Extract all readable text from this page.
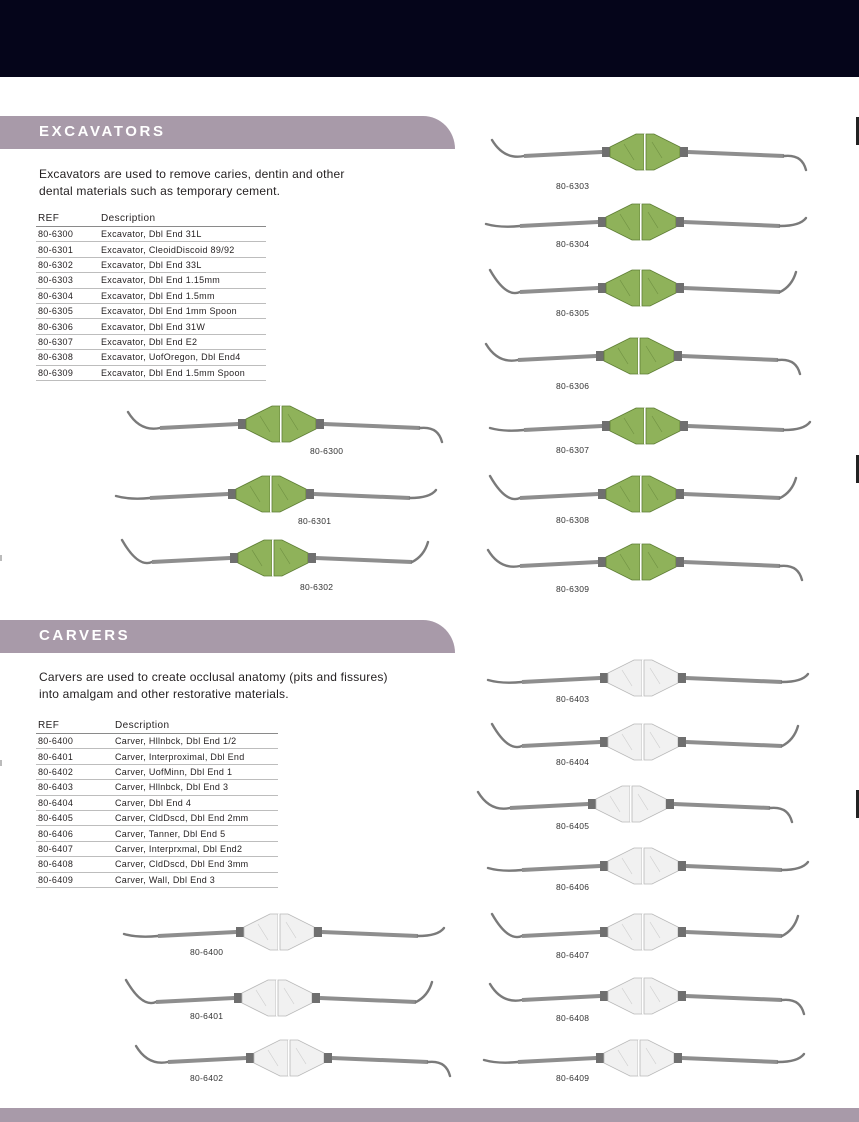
EXCAVATORS
Excavators are used to remove caries, dentin and other
dental materials such as temporary cement.
REF	Description
80-6300	Excavator, Dbl End 31L
80-6301	Excavator, CleoidDiscoid 89/92
80-6302	Excavator, Dbl End 33L
80-6303	Excavator, Dbl End 1.15mm
80-6304	Excavator, Dbl End 1.5mm
80-6305	Excavator, Dbl End 1mm Spoon
80-6306	Excavator, Dbl End 31W
80-6307	Excavator, Dbl End E2
80-6308	Excavator, UofOregon, Dbl End4
80-6309	Excavator, Dbl End 1.5mm Spoon
CARVERS
Carvers are used to create occlusal anatomy (pits and fissures)
into amalgam and other restorative materials.
REF	Description
80-6400	Carver, Hllnbck, Dbl End 1/2
80-6401	Carver, Interproximal, Dbl End
80-6402	Carver, UofMinn, Dbl End 1
80-6403	Carver, Hllnbck, Dbl End 3
80-6404	Carver, Dbl End 4
80-6405	Carver, CldDscd, Dbl End 2mm
80-6406	Carver, Tanner, Dbl End 5
80-6407	Carver, Interprxmal, Dbl End2
80-6408	Carver, CldDscd, Dbl End 3mm
80-6409	Carver, Wall, Dbl End 3
80-6300
80-6301
80-6302
80-6303
80-6304
80-6305
80-6306
80-6307
80-6308
80-6309
80-6400
80-6401
80-6402
80-6403
80-6404
80-6405
80-6406
80-6407
80-6408
80-6409
